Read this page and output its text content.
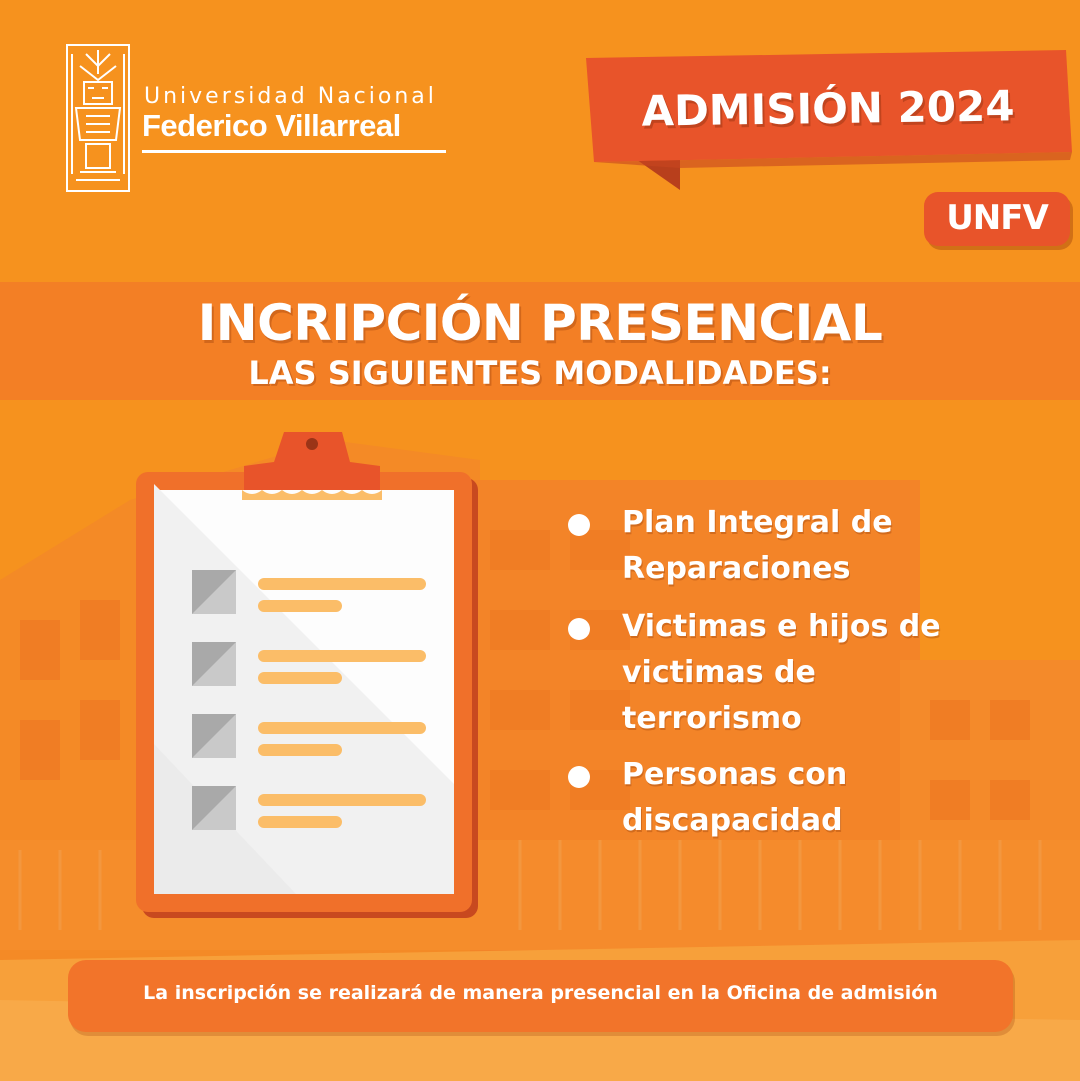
Universidad Nacional
Federico Villarreal	ADMISIÓN 2024
UNFV
INCRIPCIÓN PRESENCIAL
LAS SIGUIENTES MODALIDADES:
Plan Integral de Reparaciones
Victimas e hijos de victimas de terrorismo
Personas con discapacidad
La inscripción se realizará de manera presencial en la Oficina de admisión
